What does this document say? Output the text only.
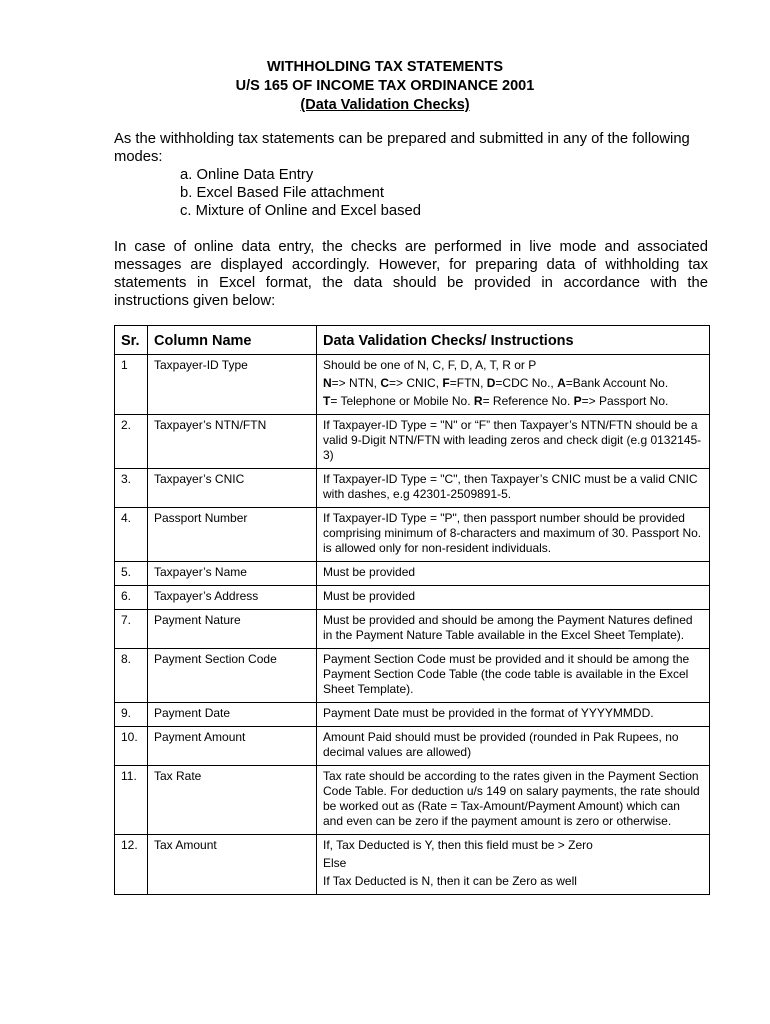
WITHHOLDING TAX STATEMENTS
U/S 165 OF INCOME TAX ORDINANCE 2001
(Data Validation Checks)
As the withholding tax statements can be prepared and submitted in any of the following modes:
a. Online Data Entry
b. Excel Based File attachment
c. Mixture of Online and Excel based
In case of online data entry, the checks are performed in live mode and associated
messages are displayed accordingly. However, for preparing data of withholding tax
statements in Excel format, the data should be provided in accordance with the
instructions given below:
Sr.	Column Name	Data Validation Checks/ Instructions
1	Taxpayer-ID Type	Should be one of N, C, F, D, A, T, R or P
N=> NTN, C=> CNIC, F=FTN, D=CDC No., A=Bank Account No.
T= Telephone or Mobile No. R= Reference No. P=> Passport No.

2.	Taxpayer’s NTN/FTN	If Taxpayer-ID Type = "N" or “F” then Taxpayer’s NTN/FTN should be a valid 9-Digit NTN/FTN with leading zeros and check digit (e.g 0132145-3)
3.	Taxpayer’s CNIC	If Taxpayer-ID Type = "C", then Taxpayer’s CNIC must be a valid CNIC with dashes, e.g 42301-2509891-5.
4.	Passport Number	If Taxpayer-ID Type = "P", then passport number should be provided comprising minimum of 8-characters and maximum of 30. Passport No. is allowed only for non-resident individuals.
5.	Taxpayer’s Name	Must be provided
6.	Taxpayer’s Address	Must be provided
7.	Payment Nature	Must be provided and should be among the Payment Natures defined in the Payment Nature Table available in the Excel Sheet Template).
8.	Payment Section Code	Payment Section Code must be provided and it should be among the Payment Section Code Table (the code table is available in the Excel Sheet Template).
9.	Payment Date	Payment Date must be provided in the format of YYYYMMDD.
10.	Payment Amount	Amount Paid should must be provided (rounded in Pak Rupees, no decimal values are allowed)
11.	Tax Rate	Tax rate should be according to the rates given in the Payment Section Code Table. For deduction u/s 149 on salary payments, the rate should be worked out as (Rate = Tax-Amount/Payment Amount) which can and even can be zero if the payment amount is zero or otherwise.
12.	Tax Amount	If, Tax Deducted is Y, then this field must be > Zero
Else
If Tax Deducted is N, then it can be Zero as well
